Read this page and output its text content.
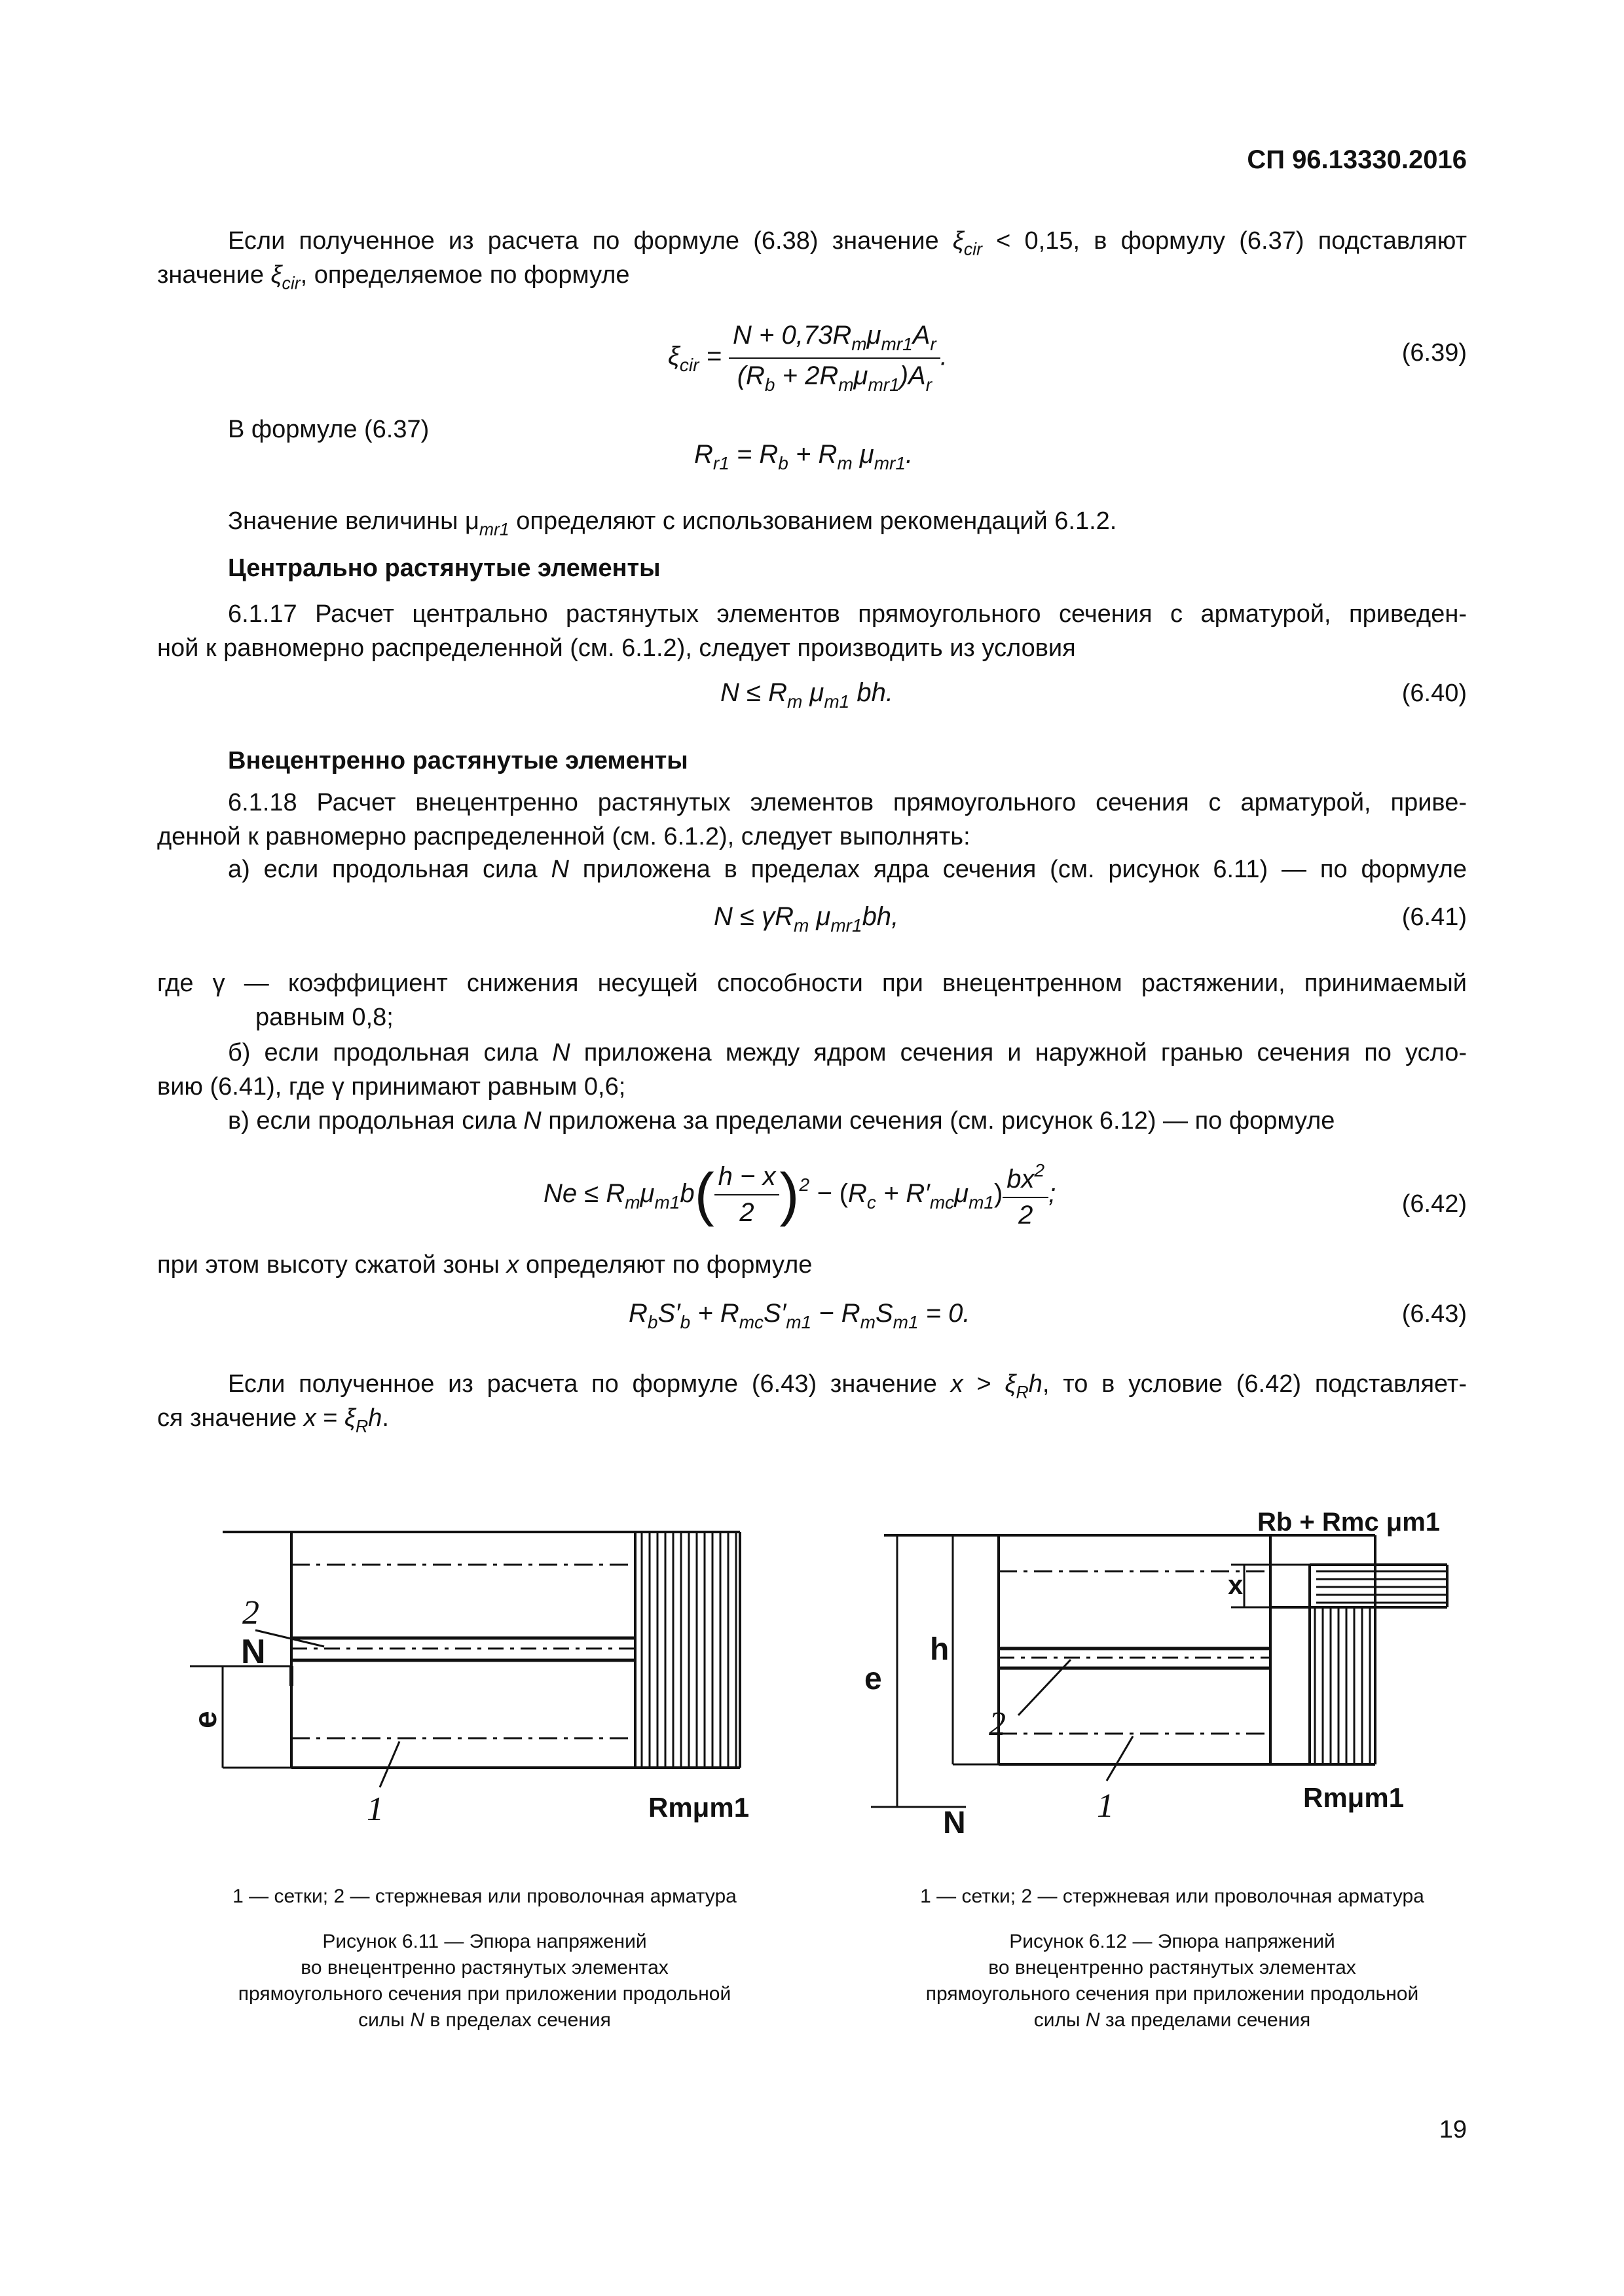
СП 96.13330.2016
Если полученное из расчета по формуле (6.38) значение $\xi_{cir} < 0,15$, в формулу (6.37) подставляют
значение $\xi_{cir}$, определяемое по формуле
$\xi_{cir} = \frac{N + 0,73R_m\mu_{mr1}A_r}{(R_b + 2R_m\mu_{mr1})A_r}$ .	(6.39)
В формуле (6.37)
$R_{r1} = R_b + R_m$ $\mu_{mr1}$.
Значение величины $\mu_{mr1}$ определяют с использованием рекомендаций 6.1.2.
Центрально растянутые элементы
6.1.17 Расчет центрально растянутых элементов прямоугольного сечения с арматурой, приведен-
ной к равномерно распределенной (см. 6.1.2), следует производить из условия
$N \le R_m$ $\mu_{m1}$ bh.	(6.40)
Внецентренно растянутые элементы
6.1.18 Расчет внецентренно растянутых элементов прямоугольного сечения с арматурой, приве-
денной к равномерно распределенной (см. 6.1.2), следует выполнять:
а) если продольная сила N приложена в пределах ядра сечения (см. рисунок 6.11) — по формуле
$N \le \gamma R_m$ $\mu_{mr1}bh$,	(6.41)
где γ — коэффициент снижения несущей способности при внецентренном растяжении, принимаемый
равным 0,8;
б) если продольная сила N приложена между ядром сечения и наружной гранью сечения по усло-
вию (6.41), где γ принимают равным 0,6;
в) если продольная сила N приложена за пределами сечения (см. рисунок 6.12) — по формуле
$Ne \le R_m\mu_{m1}b( \frac{h - x}{2} )^2 - (R_c + R'_{mc}\mu_{m1}) \frac{bx^2}{2}$ ;	(6.42)
при этом высоту сжатой зоны x определяют по формуле
$R_bS'_b + R_{mc}S'_{m1} - R_mS_{m1} = 0$.	(6.43)
Если полученное из расчета по формуле (6.43) значение $x > \xi_Rh$, то в условие (6.42) подставляет-
ся значение $x = \xi_Rh$.
2
N
e
1	Rmμm1
1 — сетки; 2 — стержневая или проволочная арматура
Рисунок 6.11 — Эпюра напряжений
во внецентренно растянутых элементах
прямоугольного сечения при приложении продольной
силы N в пределах сечения
Rb + Rmc μm1
x
h
e
2
N	1	Rmμm1
1 — сетки; 2 — стержневая или проволочная арматура
Рисунок 6.12 — Эпюра напряжений
во внецентренно растянутых элементах
прямоугольного сечения при приложении продольной
силы N за пределами сечения
19
